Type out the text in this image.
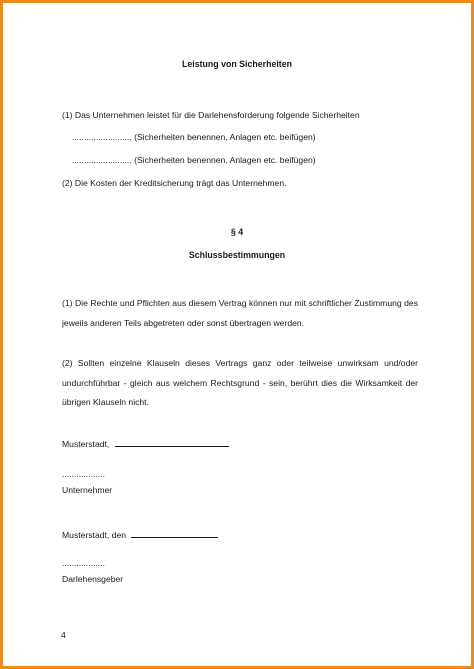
Leistung von Sicherheiten
(1) Das Unternehmen leistet für die Darlehensforderung folgende Sicherheiten
......................... (Sicherheiten benennen, Anlagen etc. beifügen)
......................... (Sicherheiten benennen, Anlagen etc. beifügen)
(2) Die Kosten der Kreditsicherung trägt das Unternehmen.
§ 4
Schlussbestimmungen
(1) Die Rechte und Pflichten aus diesem Vertrag können nur mit schriftlicher Zustimmung des jeweils anderen Teils abgetreten oder sonst übertragen werden.
(2) Sollten einzelne Klauseln dieses Vertrags ganz oder teilweise unwirksam und/oder undurchführbar - gleich aus welchem Rechtsgrund - sein, berührt dies die Wirksamkeit der übrigen Klauseln nicht.
Musterstadt,
..................
Unternehmer
Musterstadt, den
..................
Darlehensgeber
4
